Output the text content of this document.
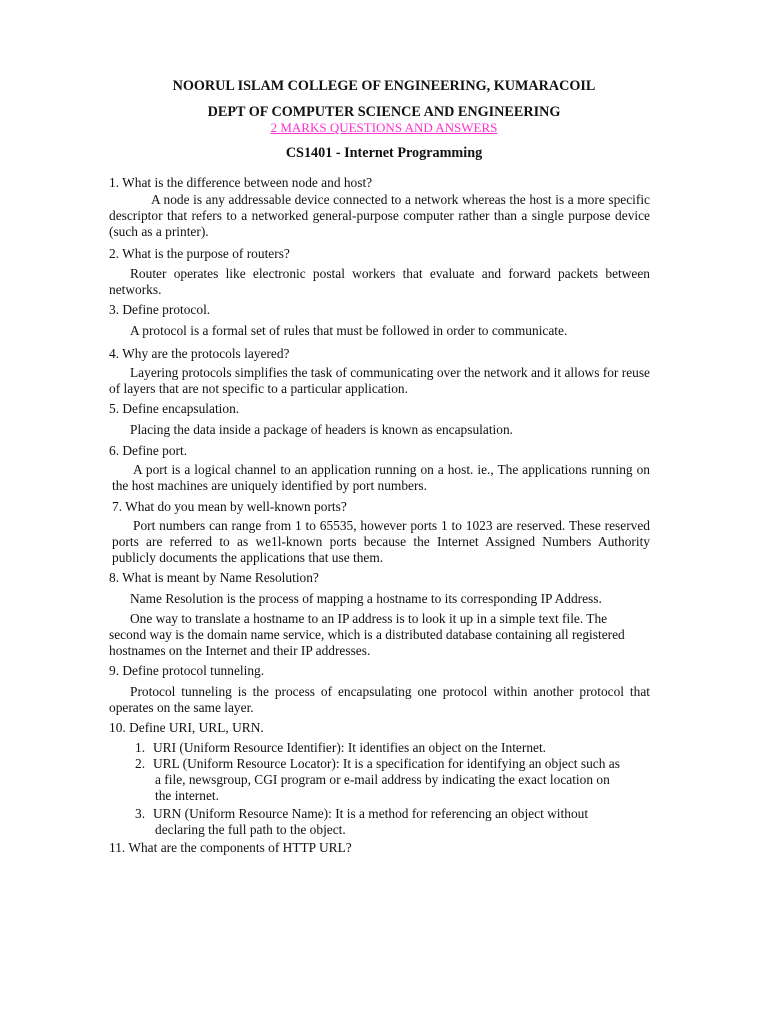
NOORUL ISLAM COLLEGE OF ENGINEERING, KUMARACOIL
DEPT OF COMPUTER SCIENCE AND ENGINEERING
2 MARKS QUESTIONS AND ANSWERS
CS1401 - Internet Programming
1. What is the difference between node and host?
A node is any addressable device connected to a network whereas the host is a more specific descriptor that refers to a networked general-purpose computer rather than a single purpose device (such as a printer).
2. What is the purpose of routers?
Router operates like electronic postal workers that evaluate and forward packets between networks.
3. Define protocol.
A protocol is a formal set of rules that must be followed in order to communicate.
4. Why are the protocols layered?
Layering protocols simplifies the task of communicating over the network and it allows for reuse of layers that are not specific to a particular application.
5. Define encapsulation.
Placing the data inside a package of headers is known as encapsulation.
6. Define port.
A port is a logical channel to an application running on a host. ie., The applications running on the host machines are uniquely identified by port numbers.
7. What do you mean by well-known ports?
Port numbers can range from 1 to 65535, however ports 1 to 1023 are reserved. These reserved ports are referred to as we1l-known ports because the Internet Assigned Numbers Authority publicly documents the applications that use them.
8. What is meant by Name Resolution?
Name Resolution is the process of mapping a hostname to its corresponding IP Address.
One way to translate a hostname to an IP address is to look it up in a simple text file. The second way is the domain name service, which is a distributed database containing all registered hostnames on the Internet and their IP addresses.
9. Define protocol tunneling.
Protocol tunneling is the process of encapsulating one protocol within another protocol that operates on the same layer.
10. Define URI, URL, URN.
1. URI (Uniform Resource Identifier): It identifies an object on the Internet.
2. URL (Uniform Resource Locator): It is a specification for identifying an object such as
a file, newsgroup, CGI program or e-mail address by indicating the exact location on the internet.
3. URN (Uniform Resource Name): It is a method for referencing an object without
declaring the full path to the object.
11. What are the components of HTTP URL?
